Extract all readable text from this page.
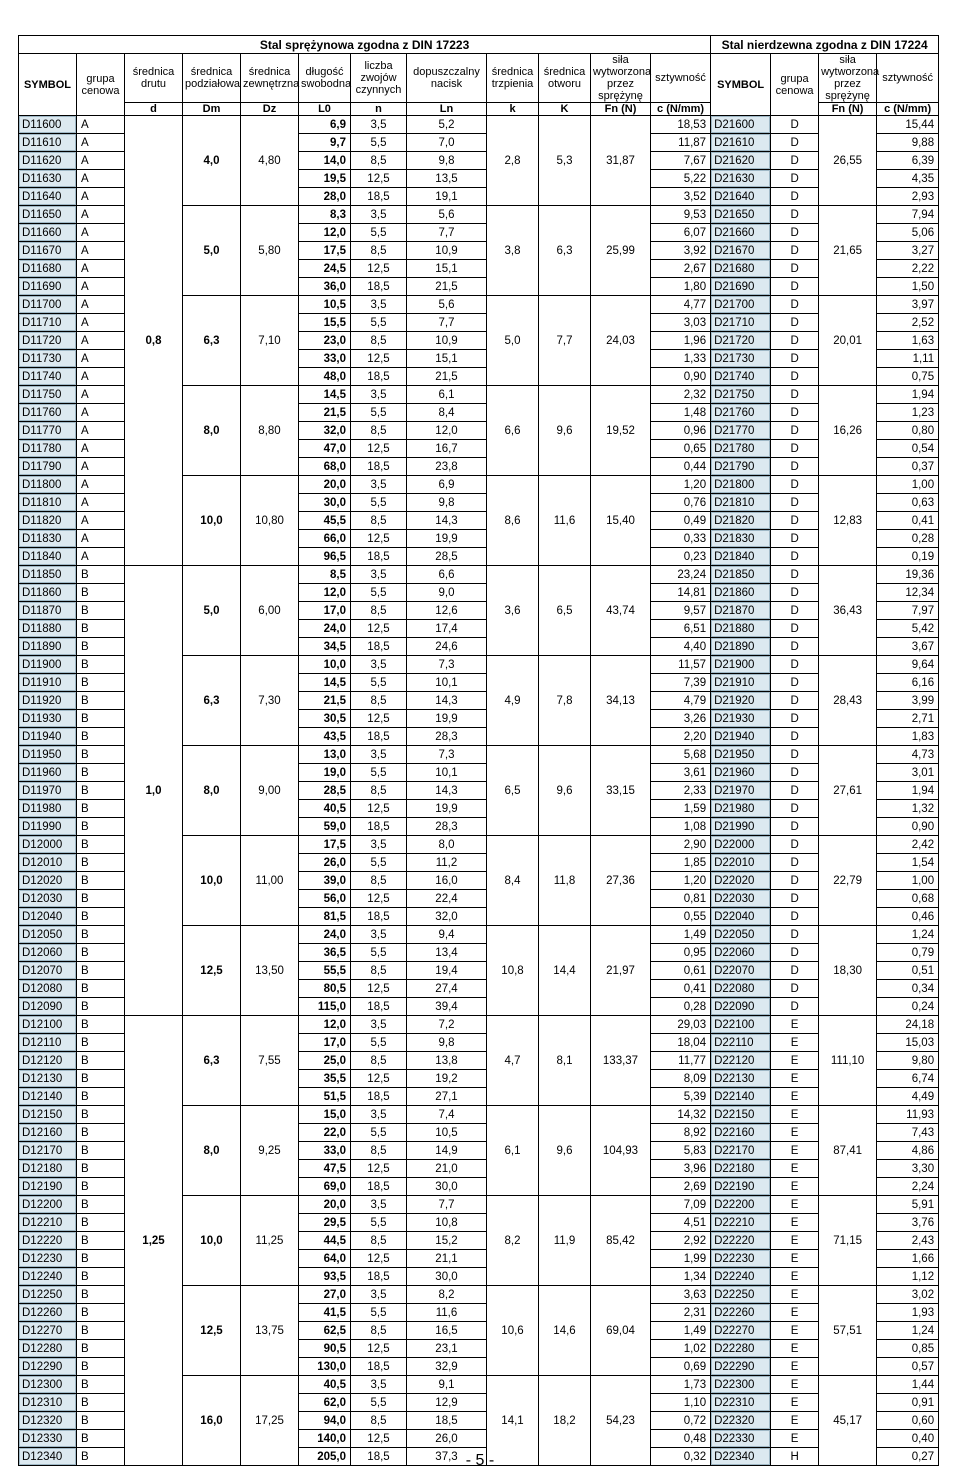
Stal sprężynowa zgodna z DIN 17223												Stal nierdzewna zgodna z DIN 17224			
SYMBOL	grupa cenowa	średnica drutu	średnica podziałowa	średnica zewnętrzna	długość swobodna	liczba zwojów czynnych	dopuszczalny nacisk	średnica trzpienia	średnica otworu	siła wytworzona przez sprężynę	sztywność	SYMBOL	grupa cenowa	siła wytworzona przez sprężynę	sztywność
		d	Dm	Dz	L0	n	Ln	k	K	Fn (N)	c (N/mm)			Fn (N)	c (N/mm)
D11600	A	0,8	4,0	4,80	6,9	3,5	5,2	2,8	5,3	31,87	18,53	D21600	D	26,55	15,44
D11610	A				9,7	5,5	7,0				11,87	D21610	D		9,88
D11620	A				14,0	8,5	9,8				7,67	D21620	D		6,39
D11630	A				19,5	12,5	13,5				5,22	D21630	D		4,35
D11640	A				28,0	18,5	19,1				3,52	D21640	D		2,93
D11650	A		5,0	5,80	8,3	3,5	5,6	3,8	6,3	25,99	9,53	D21650	D	21,65	7,94
D11660	A				12,0	5,5	7,7				6,07	D21660	D		5,06
D11670	A				17,5	8,5	10,9				3,92	D21670	D		3,27
D11680	A				24,5	12,5	15,1				2,67	D21680	D		2,22
D11690	A				36,0	18,5	21,5				1,80	D21690	D		1,50
D11700	A		6,3	7,10	10,5	3,5	5,6	5,0	7,7	24,03	4,77	D21700	D	20,01	3,97
D11710	A				15,5	5,5	7,7				3,03	D21710	D		2,52
D11720	A				23,0	8,5	10,9				1,96	D21720	D		1,63
D11730	A				33,0	12,5	15,1				1,33	D21730	D		1,11
D11740	A				48,0	18,5	21,5				0,90	D21740	D		0,75
D11750	A		8,0	8,80	14,5	3,5	6,1	6,6	9,6	19,52	2,32	D21750	D	16,26	1,94
D11760	A				21,5	5,5	8,4				1,48	D21760	D		1,23
D11770	A				32,0	8,5	12,0				0,96	D21770	D		0,80
D11780	A				47,0	12,5	16,7				0,65	D21780	D		0,54
D11790	A				68,0	18,5	23,8				0,44	D21790	D		0,37
D11800	A		10,0	10,80	20,0	3,5	6,9	8,6	11,6	15,40	1,20	D21800	D	12,83	1,00
D11810	A				30,0	5,5	9,8				0,76	D21810	D		0,63
D11820	A				45,5	8,5	14,3				0,49	D21820	D		0,41
D11830	A				66,0	12,5	19,9				0,33	D21830	D		0,28
D11840	A				96,5	18,5	28,5				0,23	D21840	D		0,19
D11850	B	1,0	5,0	6,00	8,5	3,5	6,6	3,6	6,5	43,74	23,24	D21850	D	36,43	19,36
D11860	B				12,0	5,5	9,0				14,81	D21860	D		12,34
D11870	B				17,0	8,5	12,6				9,57	D21870	D		7,97
D11880	B				24,0	12,5	17,4				6,51	D21880	D		5,42
D11890	B				34,5	18,5	24,6				4,40	D21890	D		3,67
D11900	B		6,3	7,30	10,0	3,5	7,3	4,9	7,8	34,13	11,57	D21900	D	28,43	9,64
D11910	B				14,5	5,5	10,1				7,39	D21910	D		6,16
D11920	B				21,5	8,5	14,3				4,79	D21920	D		3,99
D11930	B				30,5	12,5	19,9				3,26	D21930	D		2,71
D11940	B				43,5	18,5	28,3				2,20	D21940	D		1,83
D11950	B		8,0	9,00	13,0	3,5	7,3	6,5	9,6	33,15	5,68	D21950	D	27,61	4,73
D11960	B				19,0	5,5	10,1				3,61	D21960	D		3,01
D11970	B				28,5	8,5	14,3				2,33	D21970	D		1,94
D11980	B				40,5	12,5	19,9				1,59	D21980	D		1,32
D11990	B				59,0	18,5	28,3				1,08	D21990	D		0,90
D12000	B		10,0	11,00	17,5	3,5	8,0	8,4	11,8	27,36	2,90	D22000	D	22,79	2,42
D12010	B				26,0	5,5	11,2				1,85	D22010	D		1,54
D12020	B				39,0	8,5	16,0				1,20	D22020	D		1,00
D12030	B				56,0	12,5	22,4				0,81	D22030	D		0,68
D12040	B				81,5	18,5	32,0				0,55	D22040	D		0,46
D12050	B		12,5	13,50	24,0	3,5	9,4	10,8	14,4	21,97	1,49	D22050	D	18,30	1,24
D12060	B				36,5	5,5	13,4				0,95	D22060	D		0,79
D12070	B				55,5	8,5	19,4				0,61	D22070	D		0,51
D12080	B				80,5	12,5	27,4				0,41	D22080	D		0,34
D12090	B				115,0	18,5	39,4				0,28	D22090	D		0,24
D12100	B	1,25	6,3	7,55	12,0	3,5	7,2	4,7	8,1	133,37	29,03	D22100	E	111,10	24,18
D12110	B				17,0	5,5	9,8				18,04	D22110	E		15,03
D12120	B				25,0	8,5	13,8				11,77	D22120	E		9,80
D12130	B				35,5	12,5	19,2				8,09	D22130	E		6,74
D12140	B				51,5	18,5	27,1				5,39	D22140	E		4,49
D12150	B		8,0	9,25	15,0	3,5	7,4	6,1	9,6	104,93	14,32	D22150	E	87,41	11,93
D12160	B				22,0	5,5	10,5				8,92	D22160	E		7,43
D12170	B				33,0	8,5	14,9				5,83	D22170	E		4,86
D12180	B				47,5	12,5	21,0				3,96	D22180	E		3,30
D12190	B				69,0	18,5	30,0				2,69	D22190	E		2,24
D12200	B		10,0	11,25	20,0	3,5	7,7	8,2	11,9	85,42	7,09	D22200	E	71,15	5,91
D12210	B				29,5	5,5	10,8				4,51	D22210	E		3,76
D12220	B				44,5	8,5	15,2				2,92	D22220	E		2,43
D12230	B				64,0	12,5	21,1				1,99	D22230	E		1,66
D12240	B				93,5	18,5	30,0				1,34	D22240	E		1,12
D12250	B		12,5	13,75	27,0	3,5	8,2	10,6	14,6	69,04	3,63	D22250	E	57,51	3,02
D12260	B				41,5	5,5	11,6				2,31	D22260	E		1,93
D12270	B				62,5	8,5	16,5				1,49	D22270	E		1,24
D12280	B				90,5	12,5	23,1				1,02	D22280	E		0,85
D12290	B				130,0	18,5	32,9				0,69	D22290	E		0,57
D12300	B		16,0	17,25	40,5	3,5	9,1	14,1	18,2	54,23	1,73	D22300	E	45,17	1,44
D12310	B				62,0	5,5	12,9				1,10	D22310	E		0,91
D12320	B				94,0	8,5	18,5				0,72	D22320	E		0,60
D12330	B				140,0	12,5	26,0				0,48	D22330	E		0,40
D12340	B				205,0	18,5	37,3				0,32	D22340	H		0,27
- 5 -
